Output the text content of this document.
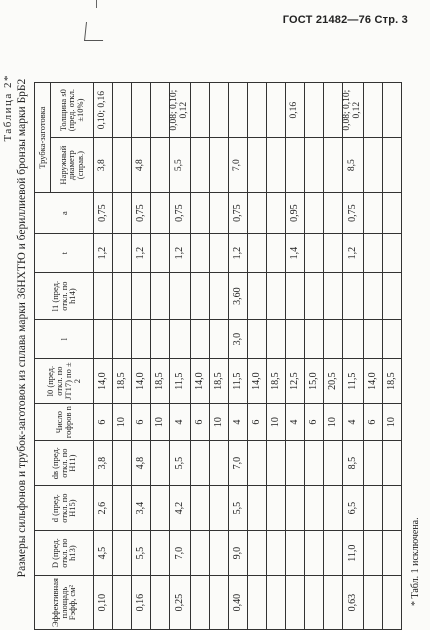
ГОСТ 21482—76 Стр. 3
Таблица 2* Размеры сильфонов и трубок-заготовок из сплава марки 36НХТЮ и бериллиевой бронзы марки БрБ2
Эффективная площадь Fэфф, см²	D (пред. откл. по h13)	d (пред. откл. по H15)	dв (пред. откл. по H11)	Число гофров n	l0 (пред. откл. по JT17) по ± 2	l	l1 (пред. откл. по h14)	t	a	Трубка-заготовка	
										Наружный диаметр (справ.)	Толщина s0 (пред. откл. ±10%)
0,10	4,5	2,6	3,8	6	14,0			1,2	0,75	3,8	0,10; 0,16
				10	18,5						
0,16	5,5	3,4	4,8	6	14,0			1,2	0,75	4,8	
				10	18,5						
0,25	7,0	4,2	5,5	4	11,5			1,2	0,75	5,5	0,08; 0,10; 0,12
				6	14,0						
				10	18,5						
0,40	9,0	5,5	7,0	4	11,5	3,0	3,60	1,2	0,75	7,0	
				6	14,0						
				10	18,5						
				4	12,5			1,4	0,95		0,16
				6	15,0						
				10	20,5						
0,63	11,0	6,5	8,5	4	11,5			1,2	0,75	8,5	0,08; 0,10; 0,12
				6	14,0						
				10	18,5						
* Табл. 1 исключена.
